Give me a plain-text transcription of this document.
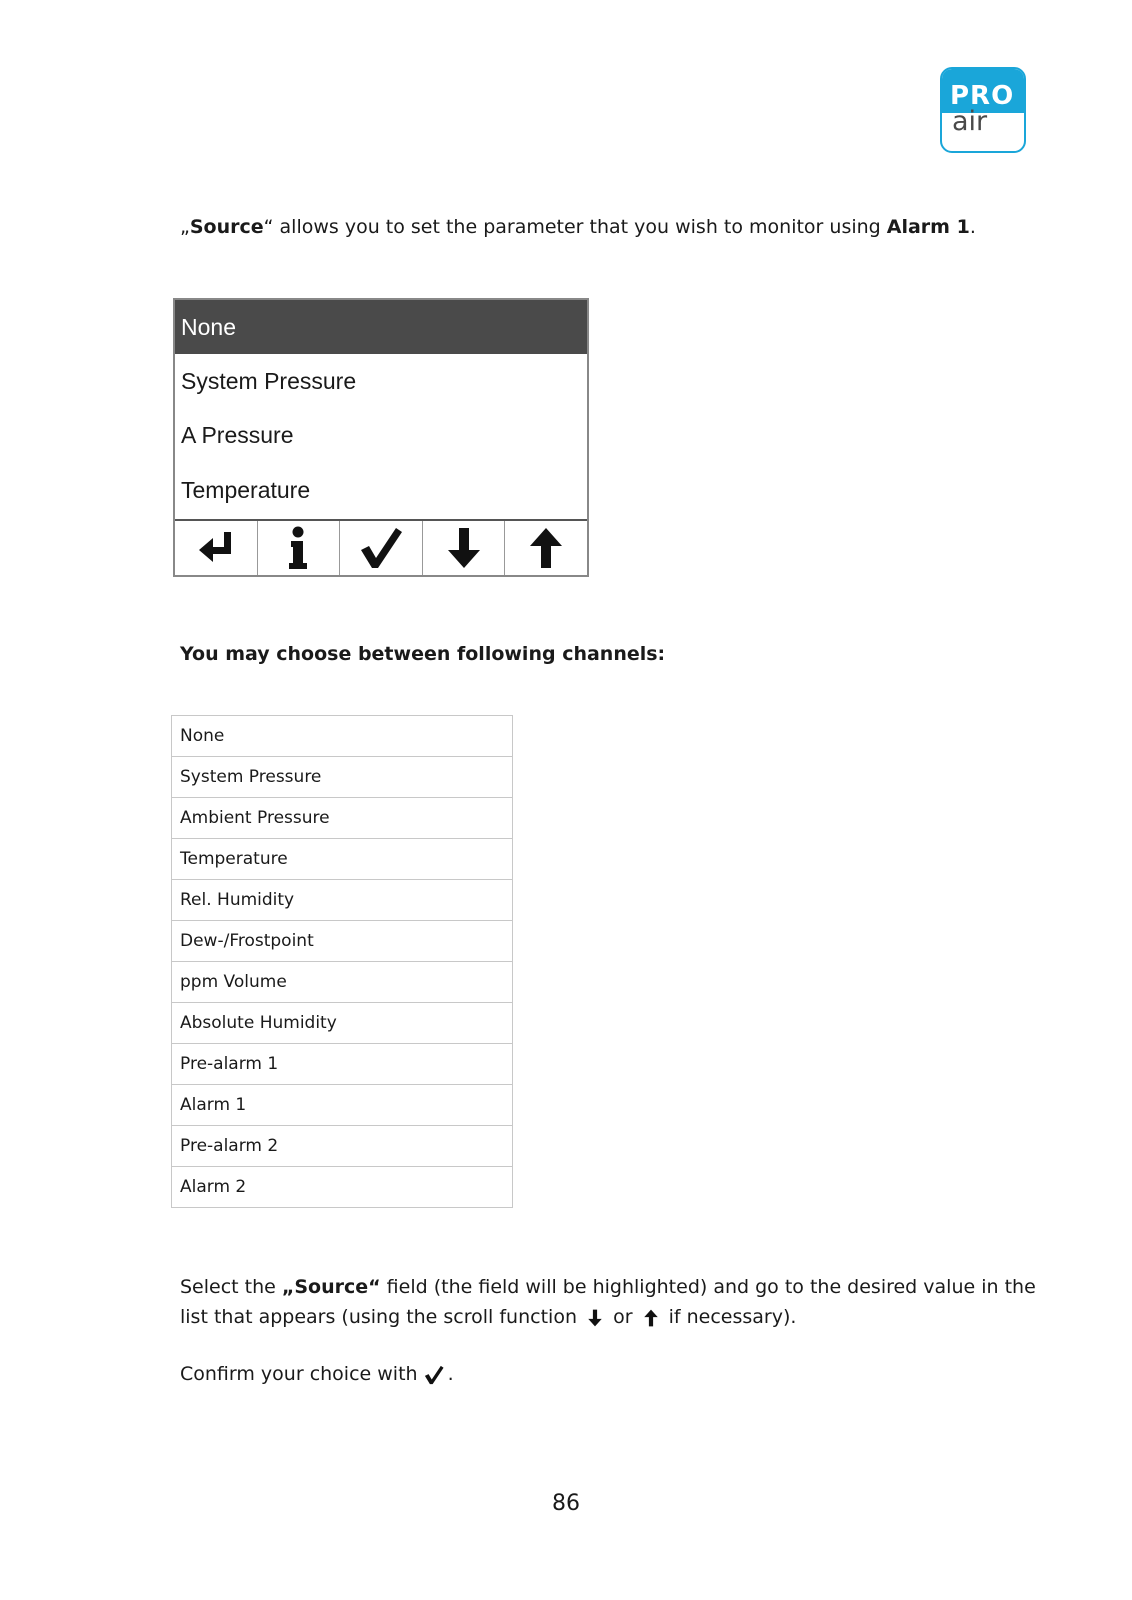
PRO
air
„Source“ allows you to set the parameter that you wish to monitor using Alarm 1.
None
System Pressure
A Pressure
Temperature
You may choose between following channels:
None
System Pressure
Ambient Pressure
Temperature
Rel. Humidity
Dew-/Frostpoint
ppm Volume
Absolute Humidity
Pre-alarm 1
Alarm 1
Pre-alarm 2
Alarm 2
Select the „Source“ field (the field will be highlighted) and go to the desired value in the list that appears (using the scroll function  or  if necessary).
Confirm your choice with .
86
